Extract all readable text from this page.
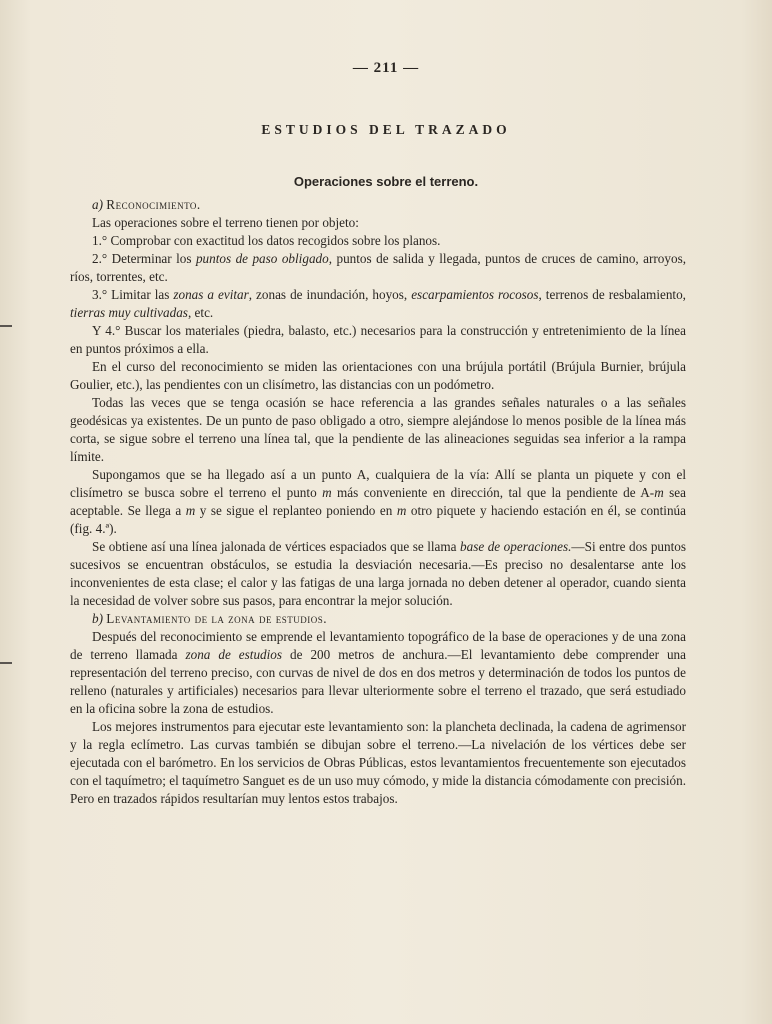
— 211 —
ESTUDIOS DEL TRAZADO
Operaciones sobre el terreno.

a) Reconocimiento.

Las operaciones sobre el terreno tienen por objeto:

1.° Comprobar con exactitud los datos recogidos sobre los planos.

2.° Determinar los puntos de paso obligado, puntos de salida y llegada, puntos de cruces de camino, arroyos, ríos, torrentes, etc.

3.° Limitar las zonas a evitar, zonas de inundación, hoyos, escarpamientos rocosos, terrenos de resbalamiento, tierras muy cultivadas, etc.

Y 4.° Buscar los materiales (piedra, balasto, etc.) necesarios para la construcción y entretenimiento de la línea en puntos próximos a ella.

En el curso del reconocimiento se miden las orientaciones con una brújula portátil (Brújula Burnier, brújula Goulier, etc.), las pendientes con un clisímetro, las distancias con un podómetro.

Todas las veces que se tenga ocasión se hace referencia a las grandes señales naturales o a las señales geodésicas ya existentes. De un punto de paso obligado a otro, siempre alejándose lo menos posible de la línea más corta, se sigue sobre el terreno una línea tal, que la pendiente de las alineaciones seguidas sea inferior a la rampa límite.

Supongamos que se ha llegado así a un punto A, cualquiera de la vía: Allí se planta un piquete y con el clisímetro se busca sobre el terreno el punto m más conveniente en dirección, tal que la pendiente de A-m sea aceptable. Se llega a m y se sigue el replanteo poniendo en m otro piquete y haciendo estación en él, se continúa (fig. 4.ª).

Se obtiene así una línea jalonada de vértices espaciados que se llama base de operaciones.—Si entre dos puntos sucesivos se encuentran obstáculos, se estudia la desviación necesaria.—Es preciso no desalentarse ante los inconvenientes de esta clase; el calor y las fatigas de una larga jornada no deben detener al operador, cuando sienta la necesidad de volver sobre sus pasos, para encontrar la mejor solución.

b) Levantamiento de la zona de estudios.

Después del reconocimiento se emprende el levantamiento topográfico de la base de operaciones y de una zona de terreno llamada zona de estudios de 200 metros de anchura.—El levantamiento debe comprender una representación del terreno preciso, con curvas de nivel de dos en dos metros y determinación de todos los puntos de relleno (naturales y artificiales) necesarios para llevar ulteriormente sobre el terreno el trazado, que será estudiado en la oficina sobre la zona de estudios.

Los mejores instrumentos para ejecutar este levantamiento son: la plancheta declinada, la cadena de agrimensor y la regla eclímetro. Las curvas también se dibujan sobre el terreno.—La nivelación de los vértices debe ser ejecutada con el barómetro. En los servicios de Obras Públicas, estos levantamientos frecuentemente son ejecutados con el taquímetro; el taquímetro Sanguet es de un uso muy cómodo, y mide la distancia cómodamente con precisión. Pero en trazados rápidos resultarían muy lentos estos trabajos.
